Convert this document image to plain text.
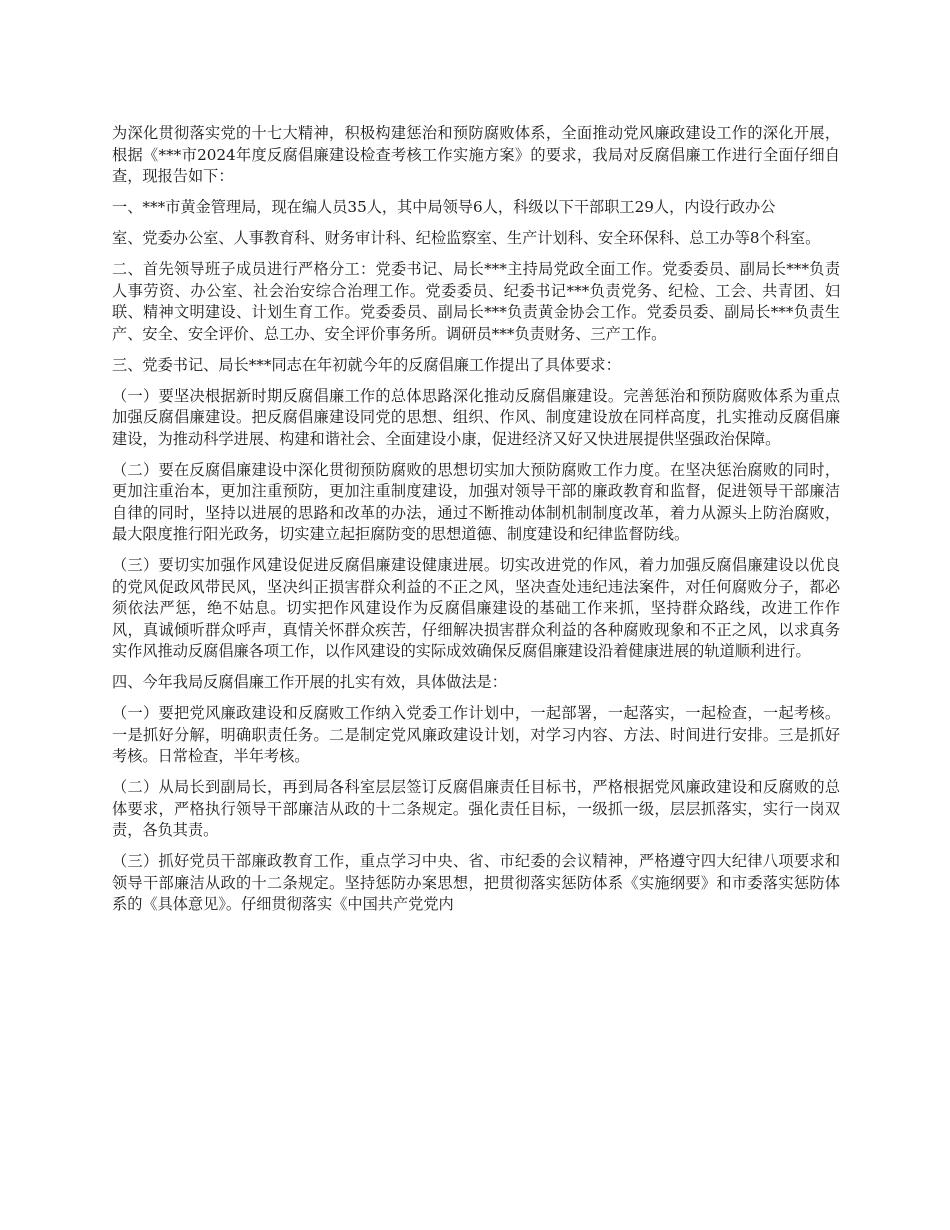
为深化贯彻落实党的十七大精神，积极构建惩治和预防腐败体系，全面推动党风廉政建设工作的深化开展，根据《***市2024年度反腐倡廉建设检查考核工作实施方案》的要求，我局对反腐倡廉工作进行全面仔细自查，现报告如下：

一、***市黄金管理局，现在编人员35人，其中局领导6人，科级以下干部职工29人，内设行政办公

室、党委办公室、人事教育科、财务审计科、纪检监察室、生产计划科、安全环保科、总工办等8个科室。

二、首先领导班子成员进行严格分工：党委书记、局长***主持局党政全面工作。党委委员、副局长***负责人事劳资、办公室、社会治安综合治理工作。党委委员、纪委书记***负责党务、纪检、工会、共青团、妇联、精神文明建设、计划生育工作。党委委员、副局长***负责黄金协会工作。党委员委、副局长***负责生产、安全、安全评价、总工办、安全评价事务所。调研员***负责财务、三产工作。

三、党委书记、局长***同志在年初就今年的反腐倡廉工作提出了具体要求：

（一）要坚决根据新时期反腐倡廉工作的总体思路深化推动反腐倡廉建设。完善惩治和预防腐败体系为重点加强反腐倡廉建设。把反腐倡廉建设同党的思想、组织、作风、制度建设放在同样高度，扎实推动反腐倡廉建设，为推动科学进展、构建和谐社会、全面建设小康，促进经济又好又快进展提供坚强政治保障。

（二）要在反腐倡廉建设中深化贯彻预防腐败的思想切实加大预防腐败工作力度。在坚决惩治腐败的同时，更加注重治本，更加注重预防，更加注重制度建设，加强对领导干部的廉政教育和监督，促进领导干部廉洁自律的同时，坚持以进展的思路和改革的办法，通过不断推动体制机制制度改革，着力从源头上防治腐败，最大限度推行阳光政务，切实建立起拒腐防变的思想道德、制度建设和纪律监督防线。

（三）要切实加强作风建设促进反腐倡廉建设健康进展。切实改进党的作风，着力加强反腐倡廉建设以优良的党风促政风带民风，坚决纠正损害群众利益的不正之风，坚决查处违纪违法案件，对任何腐败分子，都必须依法严惩，绝不姑息。切实把作风建设作为反腐倡廉建设的基础工作来抓，坚持群众路线，改进工作作风，真诚倾听群众呼声，真情关怀群众疾苦，仔细解决损害群众利益的各种腐败现象和不正之风，以求真务实作风推动反腐倡廉各项工作，以作风建设的实际成效确保反腐倡廉建设沿着健康进展的轨道顺利进行。

四、今年我局反腐倡廉工作开展的扎实有效，具体做法是：

（一）要把党风廉政建设和反腐败工作纳入党委工作计划中，一起部署，一起落实，一起检查，一起考核。一是抓好分解，明确职责任务。二是制定党风廉政建设计划，对学习内容、方法、时间进行安排。三是抓好考核。日常检查，半年考核。

（二）从局长到副局长，再到局各科室层层签订反腐倡廉责任目标书，严格根据党风廉政建设和反腐败的总体要求，严格执行领导干部廉洁从政的十二条规定。强化责任目标，一级抓一级，层层抓落实，实行一岗双责，各负其责。

（三）抓好党员干部廉政教育工作，重点学习中央、省、市纪委的会议精神，严格遵守四大纪律八项要求和领导干部廉洁从政的十二条规定。坚持惩防办案思想，把贯彻落实惩防体系《实施纲要》和市委落实惩防体系的《具体意见》。仔细贯彻落实《中国共产党党内
